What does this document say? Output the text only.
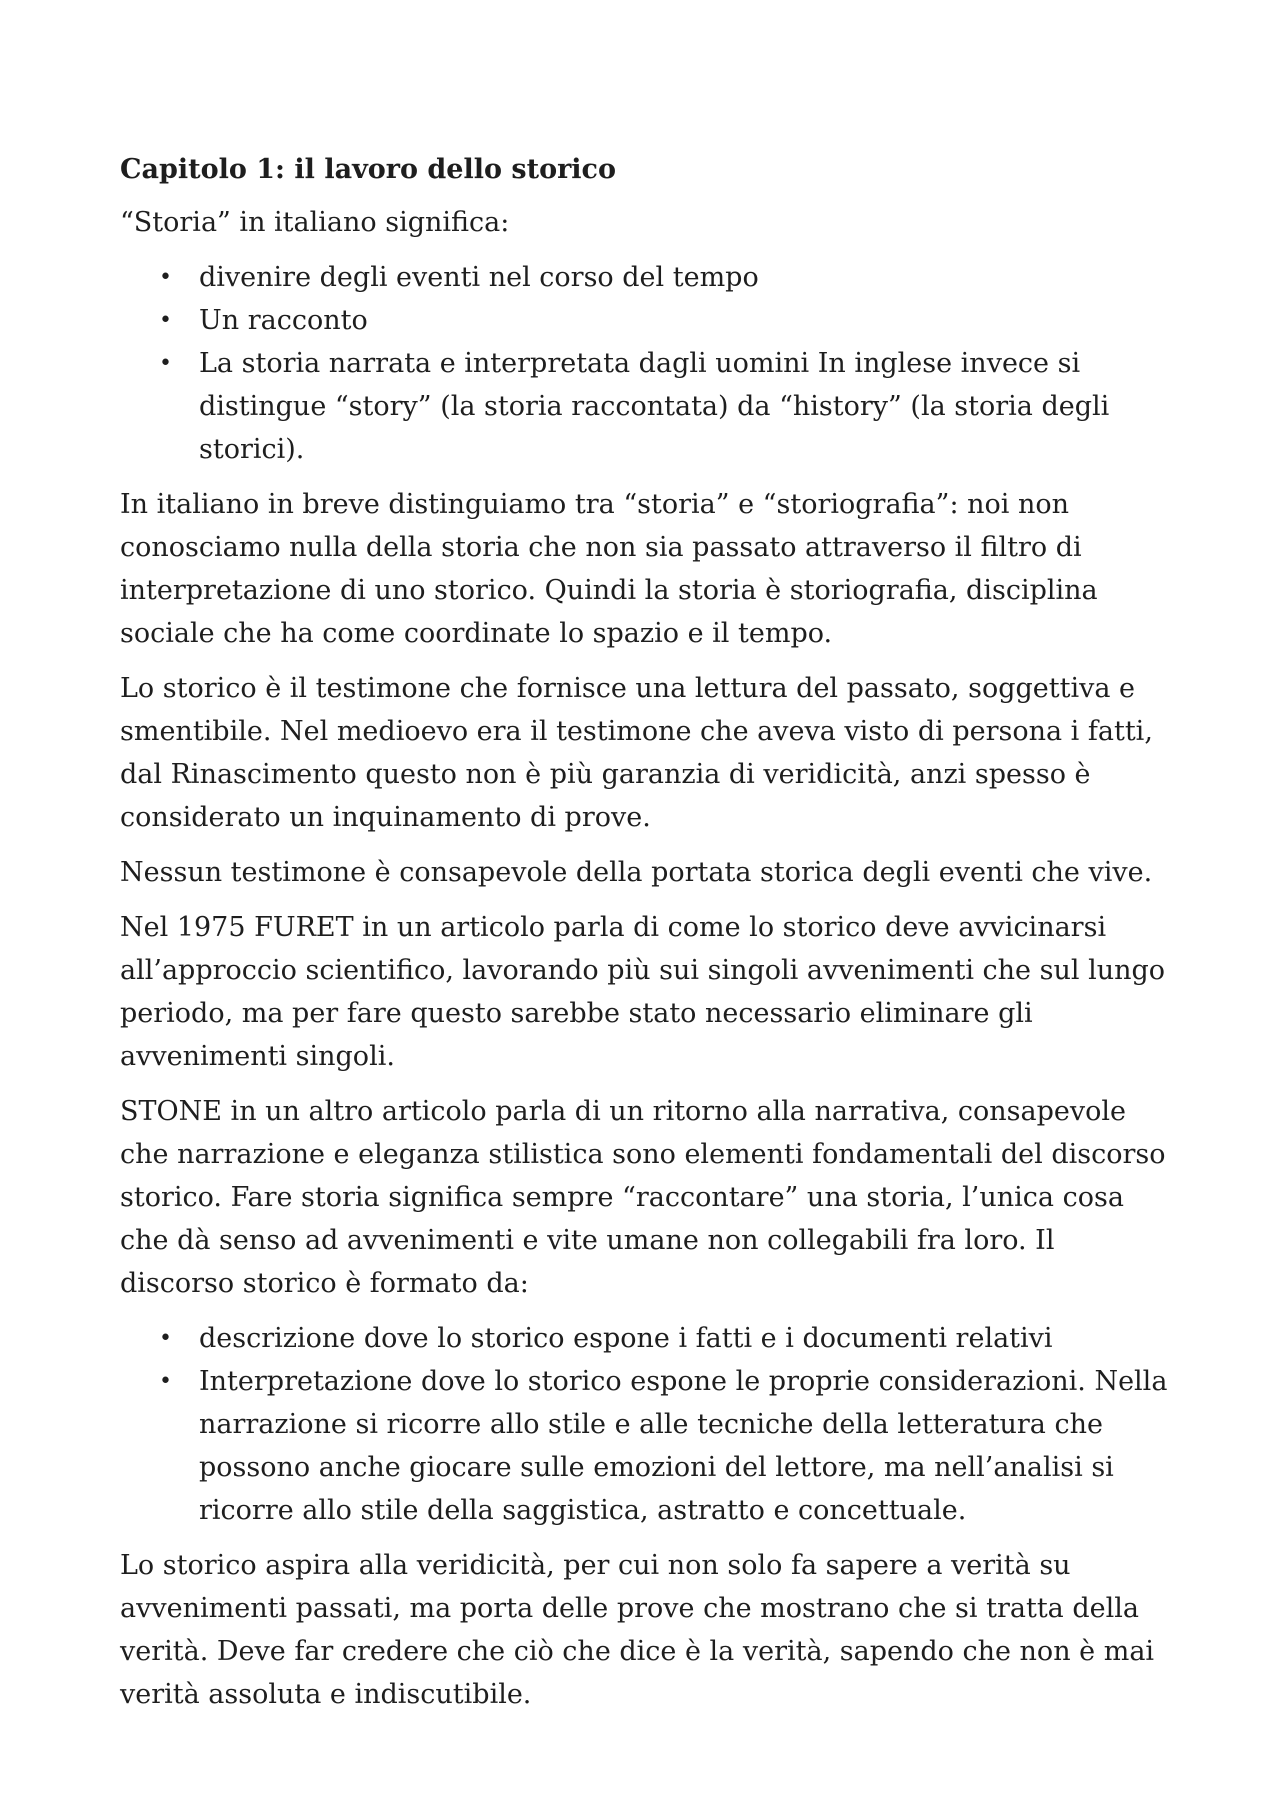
Capitolo 1: il lavoro dello storico

“Storia” in italiano significa:

• divenire degli eventi nel corso del tempo
• Un racconto
• La storia narrata e interpretata dagli uomini In inglese invece si distingue “story” (la storia raccontata) da “history” (la storia degli storici).

In italiano in breve distinguiamo tra “storia” e “storiografia”: noi non conosciamo nulla della storia che non sia passato attraverso il filtro di interpretazione di uno storico. Quindi la storia è storiografia, disciplina sociale che ha come coordinate lo spazio e il tempo.

Lo storico è il testimone che fornisce una lettura del passato, soggettiva e smentibile. Nel medioevo era il testimone che aveva visto di persona i fatti, dal Rinascimento questo non è più garanzia di veridicità, anzi spesso è considerato un inquinamento di prove.

Nessun testimone è consapevole della portata storica degli eventi che vive.

Nel 1975 FURET in un articolo parla di come lo storico deve avvicinarsi all’approccio scientifico, lavorando più sui singoli avvenimenti che sul lungo periodo, ma per fare questo sarebbe stato necessario eliminare gli avvenimenti singoli.

STONE in un altro articolo parla di un ritorno alla narrativa, consapevole che narrazione e eleganza stilistica sono elementi fondamentali del discorso storico. Fare storia significa sempre “raccontare” una storia, l’unica cosa che dà senso ad avvenimenti e vite umane non collegabili fra loro. Il discorso storico è formato da:

• descrizione dove lo storico espone i fatti e i documenti relativi
• Interpretazione dove lo storico espone le proprie considerazioni. Nella narrazione si ricorre allo stile e alle tecniche della letteratura che possono anche giocare sulle emozioni del lettore, ma nell’analisi si ricorre allo stile della saggistica, astratto e concettuale.

Lo storico aspira alla veridicità, per cui non solo fa sapere a verità su avvenimenti passati, ma porta delle prove che mostrano che si tratta della verità. Deve far credere che ciò che dice è la verità, sapendo che non è mai verità assoluta e indiscutibile.
